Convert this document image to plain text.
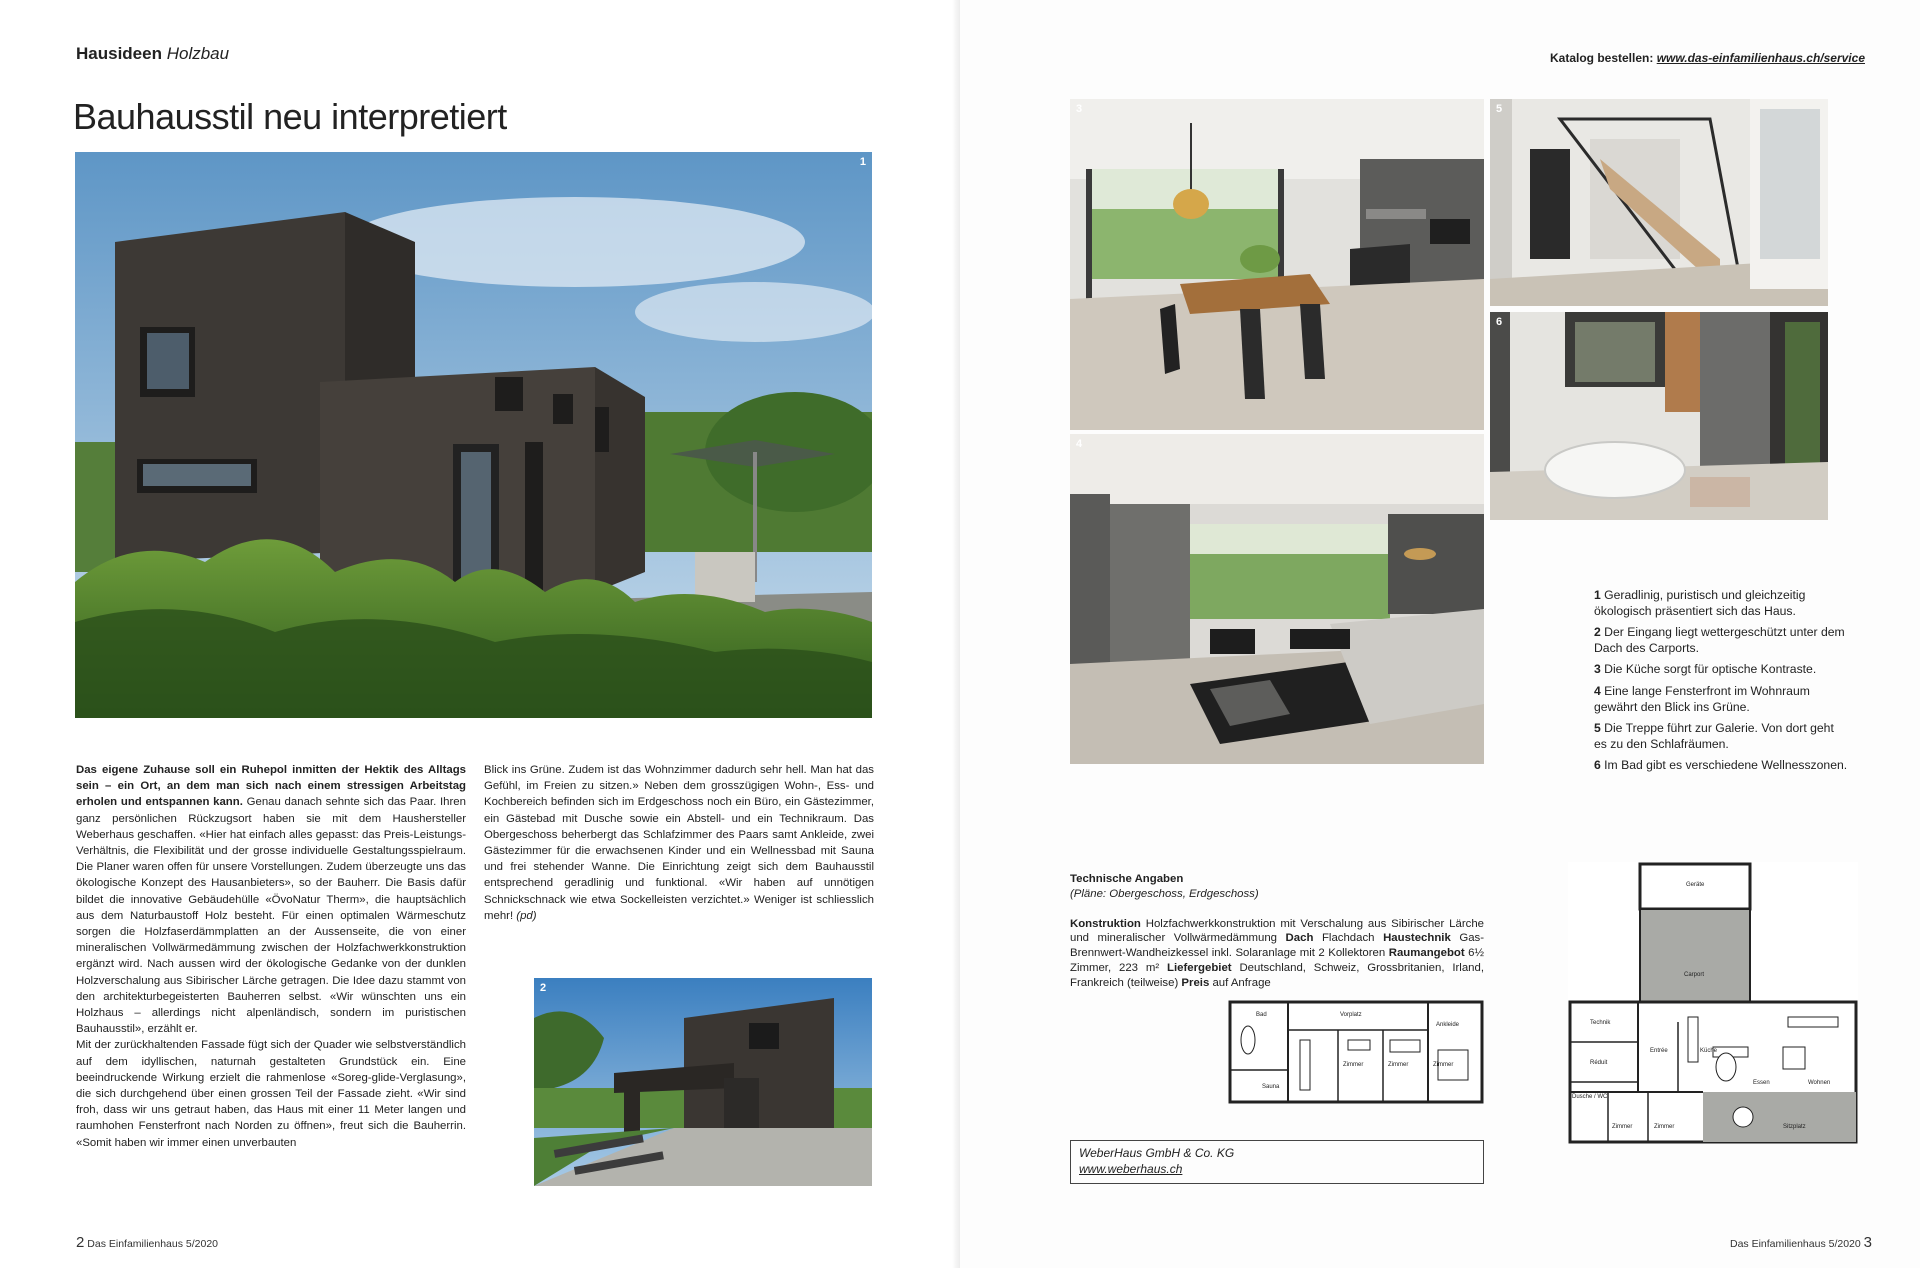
Hausideen Holzbau
Bauhausstil neu interpretiert
1

Das eigene Zuhause soll ein Ruhepol inmitten der Hektik des Alltags sein – ein Ort, an dem man sich nach einem stressigen Arbeitstag erholen und entspannen kann. Genau danach sehnte sich das Paar. Ihren ganz persönlichen Rückzugsort haben sie mit dem Haushersteller Weberhaus geschaffen. «Hier hat einfach alles gepasst: das Preis-Leistungs-Verhältnis, die Flexibilität und der grosse individuelle Gestaltungsspielraum. Die Planer waren offen für unsere Vorstellungen. Zudem überzeugte uns das ökologische Konzept des Hausanbieters», so der Bauherr. Die Basis dafür bildet die innovative Gebäudehülle «ÖvoNatur Therm», die hauptsächlich aus dem Naturbaustoff Holz besteht. Für einen optimalen Wärmeschutz sorgen die Holzfaserdämmplatten an der Aussenseite, die von einer mineralischen Vollwärmedämmung zwischen der Holzfachwerkkonstruktion ergänzt wird. Nach aussen wird der ökologische Gedanke von der dunklen Holzverschalung aus Sibirischer Lärche getragen. Die Idee dazu stammt von den architekturbegeisterten Bauherren selbst. «Wir wünschten uns ein Holzhaus – allerdings nicht alpenländisch, sondern im puristischen Bauhausstil», erzählt er.

Mit der zurückhaltenden Fassade fügt sich der Quader wie selbstverständlich auf dem idyllischen, naturnah gestalteten Grundstück ein. Eine beeindruckende Wirkung erzielt die rahmenlose «Soreg-glide-Verglasung», die sich durchgehend über einen grossen Teil der Fassade zieht. «Wir sind froh, dass wir uns getraut haben, das Haus mit einer 11 Meter langen und raumhohen Fensterfront nach Norden zu öffnen», freut sich die Bauherrin. «Somit haben wir immer einen unverbauten

Blick ins Grüne. Zudem ist das Wohnzimmer dadurch sehr hell. Man hat das Gefühl, im Freien zu sitzen.» Neben dem grosszügigen Wohn-, Ess- und Kochbereich befinden sich im Erdgeschoss noch ein Büro, ein Gästezimmer, ein Gästebad mit Dusche sowie ein Abstell- und ein Technikraum. Das Obergeschoss beherbergt das Schlafzimmer des Paars samt Ankleide, zwei Gästezimmer für die erwachsenen Kinder und ein Wellnessbad mit Sauna und frei stehender Wanne. Die Einrichtung zeigt sich dem Bauhausstil entsprechend geradlinig und funktional. «Wir haben auf unnötigen Schnickschnack wie etwa Sockelleisten verzichtet.» Weniger ist schliesslich mehr! (pd)

2
2 Das Einfamilienhaus 5/2020
Katalog bestellen: www.das-einfamilienhaus.ch/service
3	5
6
4
1 Geradlinig, puristisch und gleichzeitig ökologisch präsentiert sich das Haus.
2 Der Eingang liegt wettergeschützt unter dem Dach des Carports.
3 Die Küche sorgt für optische Kontraste.
4 Eine lange Fensterfront im Wohnraum gewährt den Blick ins Grüne.
5 Die Treppe führt zur Galerie. Von dort geht es zu den Schlafräumen.
6 Im Bad gibt es verschiedene Wellnesszonen.
Technische Angaben
(Pläne: Obergeschoss, Erdgeschoss)
Konstruktion Holzfachwerkkonstruktion mit Verschalung aus Sibirischer Lärche und mineralischer Vollwärmedämmung Dach Flachdach Haustechnik Gas-Brennwert-Wandheizkessel inkl. Solaranlage mit 2 Kollektoren Raumangebot 6½ Zimmer, 223 m² Liefergebiet Deutschland, Schweiz, Grossbritanien, Irland, Frankreich (teilweise) Preis auf Anfrage
Bad
Sauna
Vorplatz
Ankleide
Zimmer	Zimmer	Zimmer
Geräte
Carport
Technik
Réduit
Entrée	Küche
Essen	Wohnen
Dusche / WC
Zimmer	Zimmer	Sitzplatz
WeberHaus GmbH & Co. KG
www.weberhaus.ch
Das Einfamilienhaus 5/2020 3
